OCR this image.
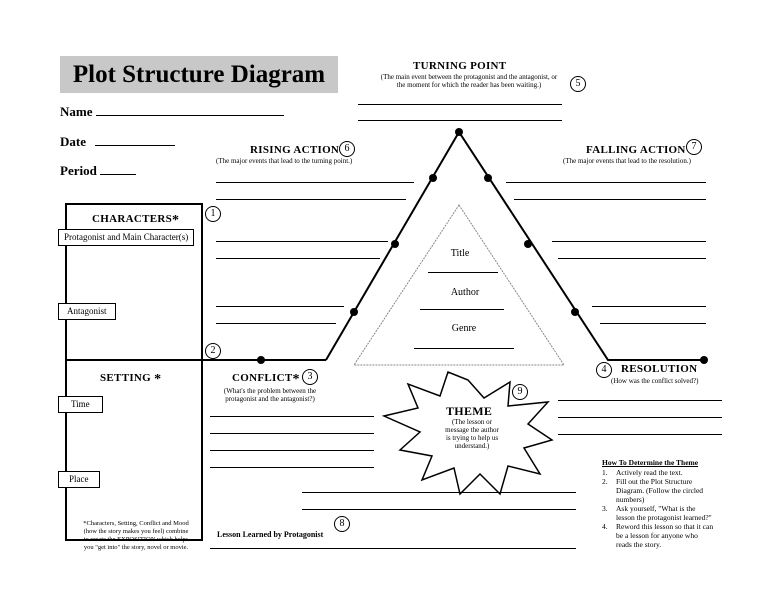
Plot Structure Diagram
Name
Date
Period
TURNING POINT
(The main event between the protagonist and the antagonist, or
the moment for which the reader has been waiting.)	5
RISING ACTION 6
(The major events that lead to the turning point.)
FALLING ACTION 7
(The major events that lead to the resolution.)
CHARACTERS*	1
Protagonist and Main Character(s)
Antagonist
2
SETTING *
Time
Place
CONFLICT* 3
(What's the problem between the
protagonist and the antagonist?)
4	RESOLUTION
(How was the conflict solved?)
Title
Author
Genre
9
THEME
(The lesson or
message the author
is trying to help us
understand.)
Lesson Learned by Protagonist
8
*Characters, Setting, Conflict and Mood
(how the story makes you feel) combine
to create the EXPOSITION which helps
you "get into" the story, novel or movie.
How To Determine the Theme
1.	Actively read the text.
2.	Fill out the Plot Structure
Diagram. (Follow the circled
numbers)
3.	Ask yourself, "What is the
lesson the protagonist learned?"
4.	Reword this lesson so that it can
be a lesson for anyone who
reads the story.
